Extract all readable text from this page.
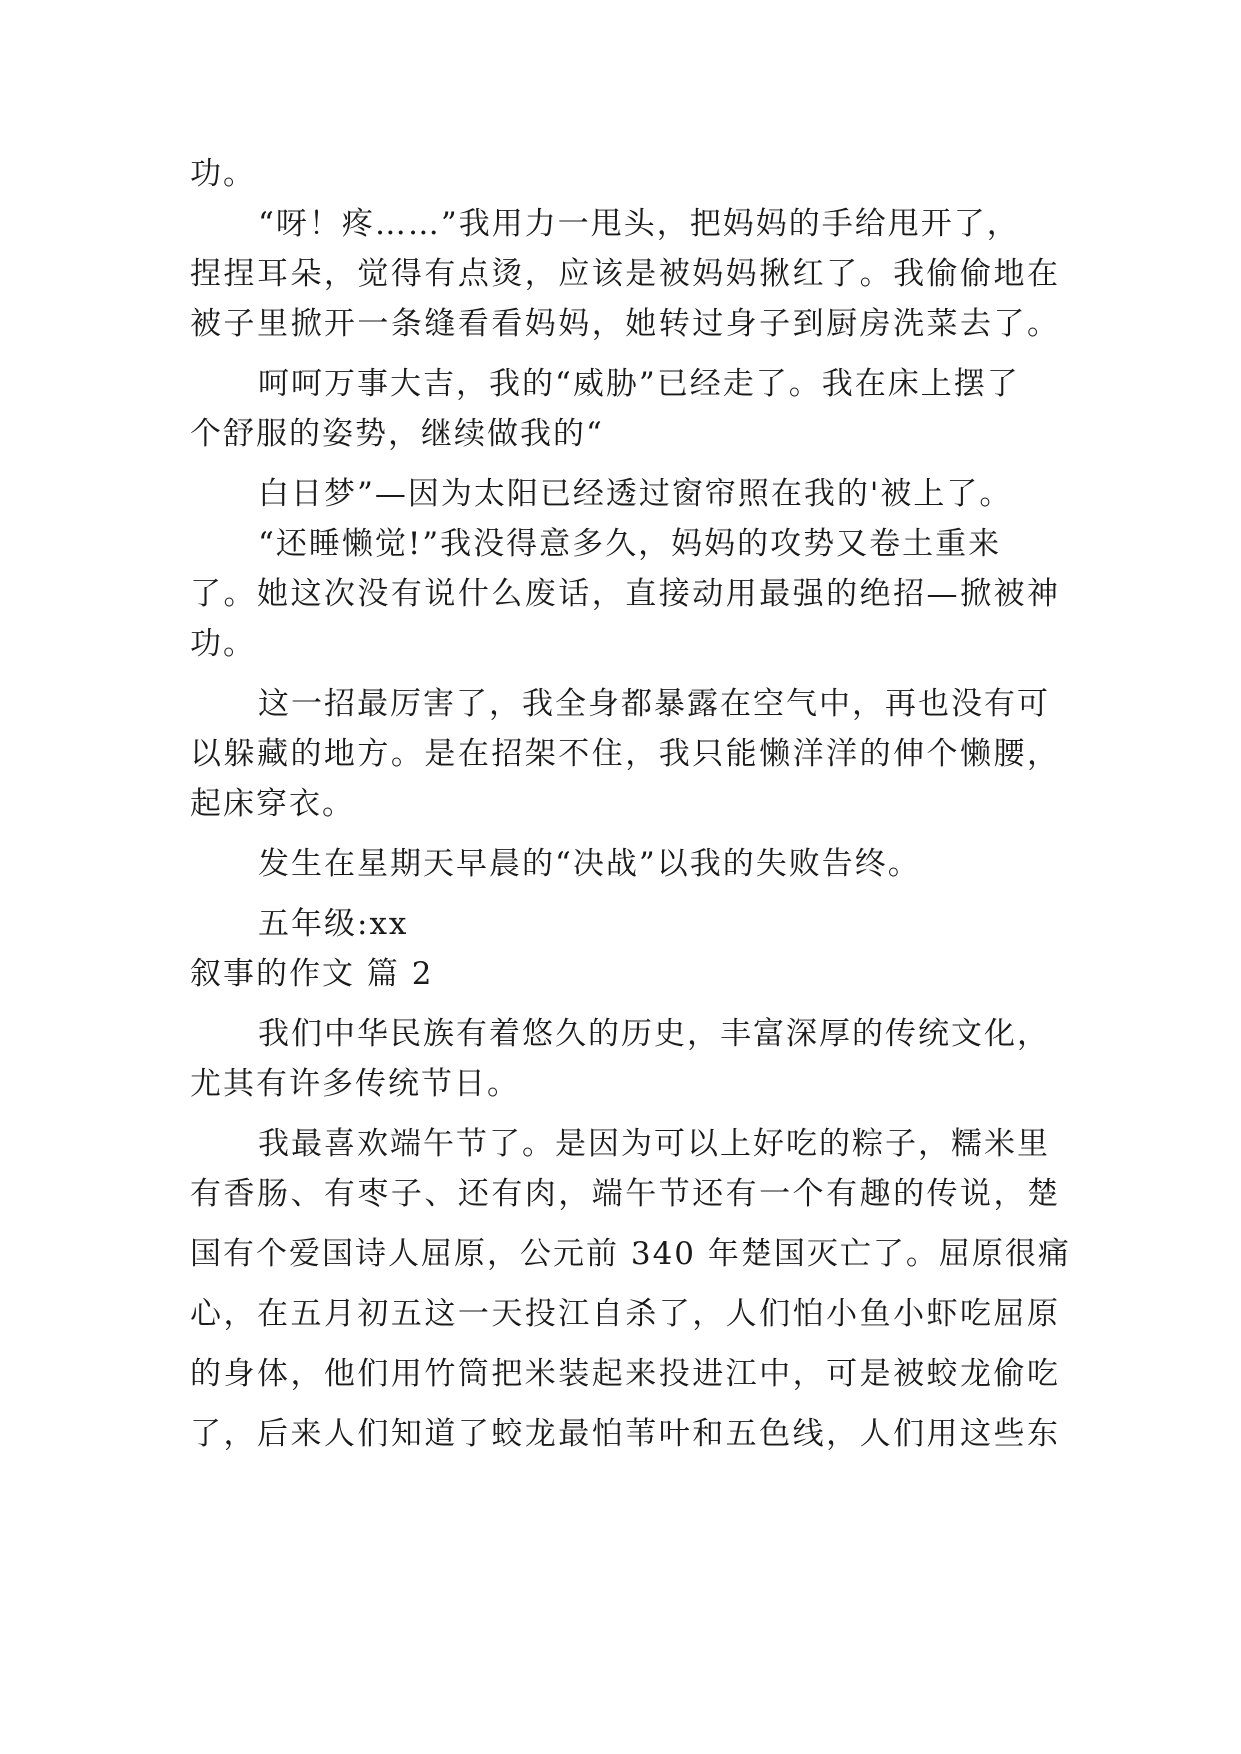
功。
“呀！疼……”我用力一甩头，把妈妈的手给甩开了，
捏捏耳朵，觉得有点烫，应该是被妈妈揪红了。我偷偷地在
被子里掀开一条缝看看妈妈，她转过身子到厨房洗菜去了。
呵呵万事大吉，我的“威胁”已经走了。我在床上摆了
个舒服的姿势，继续做我的“
白日梦”—因为太阳已经透过窗帘照在我的'被上了。
“还睡懒觉!”我没得意多久，妈妈的攻势又卷土重来
了。她这次没有说什么废话，直接动用最强的绝招—掀被神
功。
这一招最厉害了，我全身都暴露在空气中，再也没有可
以躲藏的地方。是在招架不住，我只能懒洋洋的伸个懒腰，
起床穿衣。
发生在星期天早晨的“决战”以我的失败告终。
五年级:xx
叙事的作文 篇 2
我们中华民族有着悠久的历史，丰富深厚的传统文化，
尤其有许多传统节日。
我最喜欢端午节了。是因为可以上好吃的粽子，糯米里
有香肠、有枣子、还有肉，端午节还有一个有趣的传说，楚
国有个爱国诗人屈原，公元前 340 年楚国灭亡了。屈原很痛
心，在五月初五这一天投江自杀了，人们怕小鱼小虾吃屈原
的身体，他们用竹筒把米装起来投进江中，可是被蛟龙偷吃
了，后来人们知道了蛟龙最怕苇叶和五色线，人们用这些东
